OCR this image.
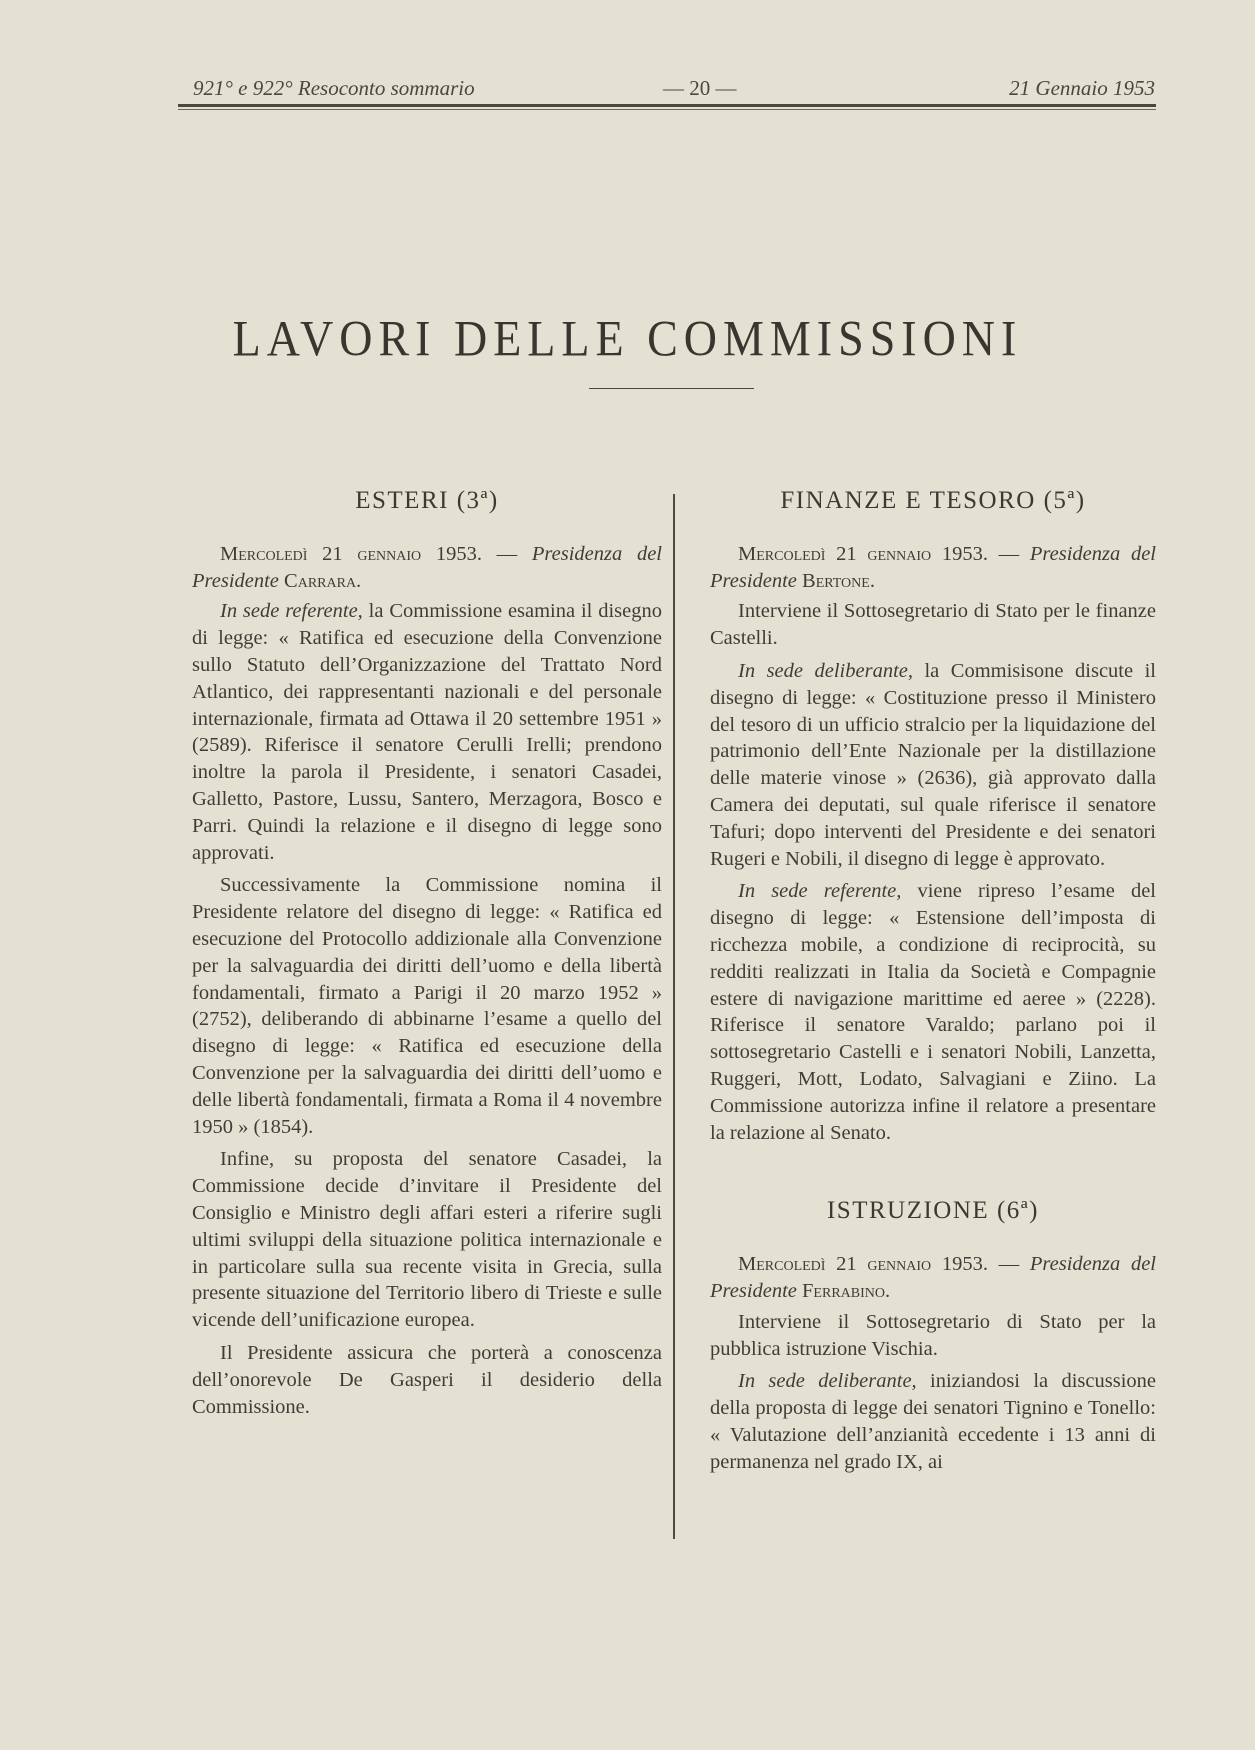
921° e 922° Resoconto sommario	— 20 —	21 Gennaio 1953
LAVORI DELLE COMMISSIONI
ESTERI (3ª)

Mercoledì 21 gennaio 1953. — Presidenza del Presidente Carrara.

In sede referente, la Commissione esamina il disegno di legge: « Ratifica ed esecuzione della Convenzione sullo Statuto dell’Organizzazione del Trattato Nord Atlantico, dei rappresentanti nazionali e del personale internazionale, firmata ad Ottawa il 20 settembre 1951 » (2589). Riferisce il senatore Cerulli Irelli; prendono inoltre la parola il Presidente, i senatori Casadei, Galletto, Pastore, Lussu, Santero, Merzagora, Bosco e Parri. Quindi la relazione e il disegno di legge sono approvati.

Successivamente la Commissione nomina il Presidente relatore del disegno di legge: « Ratifica ed esecuzione del Protocollo addizionale alla Convenzione per la salvaguardia dei diritti dell’uomo e della libertà fondamentali, firmato a Parigi il 20 marzo 1952 » (2752), deliberando di abbinarne l’esame a quello del disegno di legge: « Ratifica ed esecuzione della Convenzione per la salvaguardia dei diritti dell’uomo e delle libertà fondamentali, firmata a Roma il 4 novembre 1950 » (1854).

Infine, su proposta del senatore Casadei, la Commissione decide d’invitare il Presidente del Consiglio e Ministro degli affari esteri a riferire sugli ultimi sviluppi della situazione politica internazionale e in particolare sulla sua recente visita in Grecia, sulla presente situazione del Territorio libero di Trieste e sulle vicende dell’unificazione europea.

Il Presidente assicura che porterà a conoscenza dell’onorevole De Gasperi il desiderio della Commissione.

FINANZE E TESORO (5ª)

Mercoledì 21 gennaio 1953. — Presidenza del Presidente Bertone.

Interviene il Sottosegretario di Stato per le finanze Castelli.

In sede deliberante, la Commisisone discute il disegno di legge: « Costituzione presso il Ministero del tesoro di un ufficio stralcio per la liquidazione del patrimonio dell’Ente Nazionale per la distillazione delle materie vinose » (2636), già approvato dalla Camera dei deputati, sul quale riferisce il senatore Tafuri; dopo interventi del Presidente e dei senatori Rugeri e Nobili, il disegno di legge è approvato.

In sede referente, viene ripreso l’esame del disegno di legge: « Estensione dell’imposta di ricchezza mobile, a condizione di reciprocità, su redditi realizzati in Italia da Società e Compagnie estere di navigazione marittime ed aeree » (2228). Riferisce il senatore Varaldo; parlano poi il sottosegretario Castelli e i senatori Nobili, Lanzetta, Ruggeri, Mott, Lodato, Salvagiani e Ziino. La Commissione autorizza infine il relatore a presentare la relazione al Senato.

ISTRUZIONE (6ª)

Mercoledì 21 gennaio 1953. — Presidenza del Presidente Ferrabino.

Interviene il Sottosegretario di Stato per la pubblica istruzione Vischia.

In sede deliberante, iniziandosi la discussione della proposta di legge dei senatori Tignino e Tonello: « Valutazione dell’anzianità eccedente i 13 anni di permanenza nel grado IX, ai
